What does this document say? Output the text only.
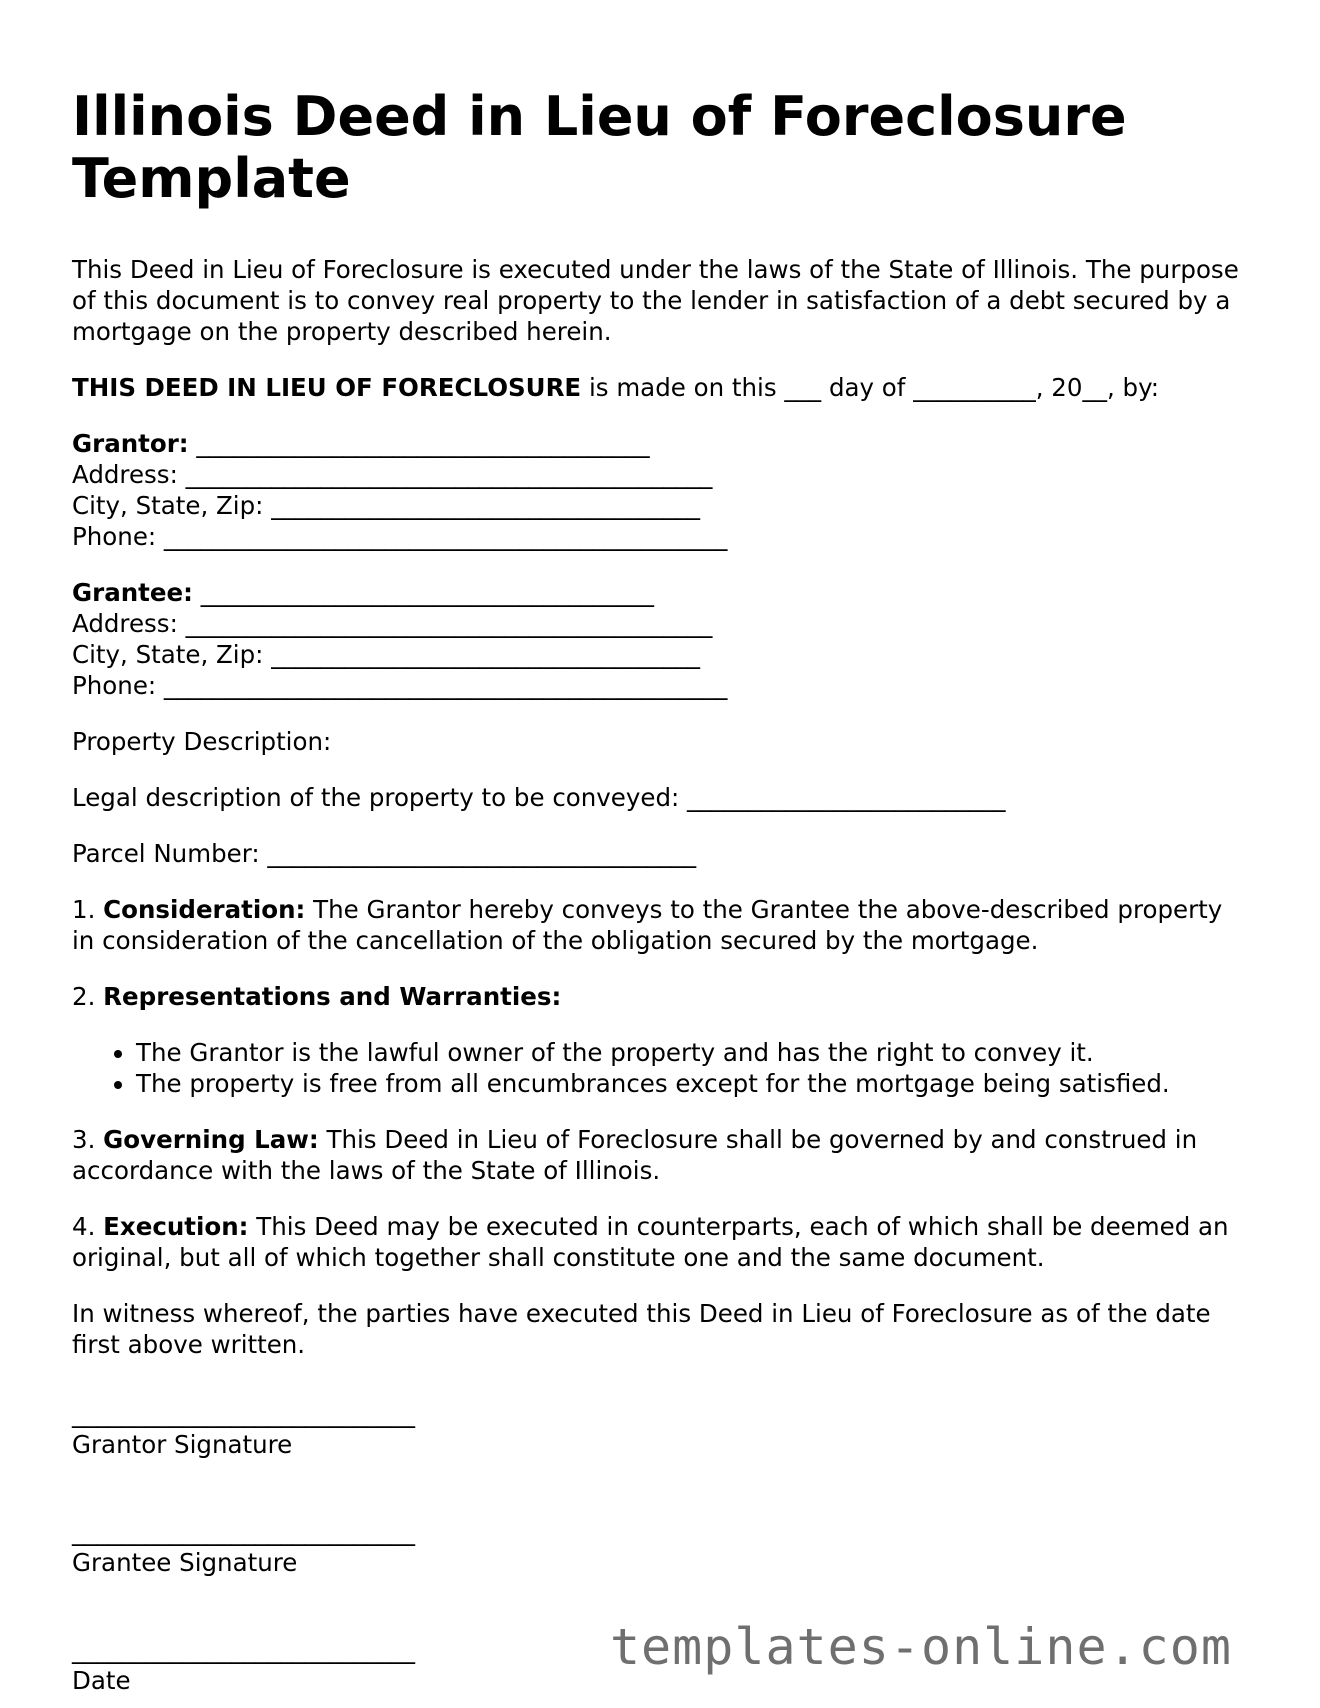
Illinois Deed in Lieu of Foreclosure Template

This Deed in Lieu of Foreclosure is executed under the laws of the State of Illinois. The purpose of this document is to convey real property to the lender in satisfaction of a debt secured by a mortgage on the property described herein.

THIS DEED IN LIEU OF FORECLOSURE is made on this ___ day of __________, 20__, by:

Grantor: _____________________________________
Address: ___________________________________________
City, State, Zip: ___________________________________
Phone: ______________________________________________
Grantee: _____________________________________
Address: ___________________________________________
City, State, Zip: ___________________________________
Phone: ______________________________________________

Property Description:

Legal description of the property to be conveyed: __________________________

Parcel Number: ___________________________________

1. Consideration: The Grantor hereby conveys to the Grantee the above-described property in consideration of the cancellation of the obligation secured by the mortgage.

2. Representations and Warranties:

• The Grantor is the lawful owner of the property and has the right to convey it.
• The property is free from all encumbrances except for the mortgage being satisfied.

3. Governing Law: This Deed in Lieu of Foreclosure shall be governed by and construed in accordance with the laws of the State of Illinois.

4. Execution: This Deed may be executed in counterparts, each of which shall be deemed an original, but all of which together shall constitute one and the same document.

In witness whereof, the parties have executed this Deed in Lieu of Foreclosure as of the date first above written.

____________________________
Grantor Signature
____________________________
Grantee Signature
____________________________
Date
templates-online.com
